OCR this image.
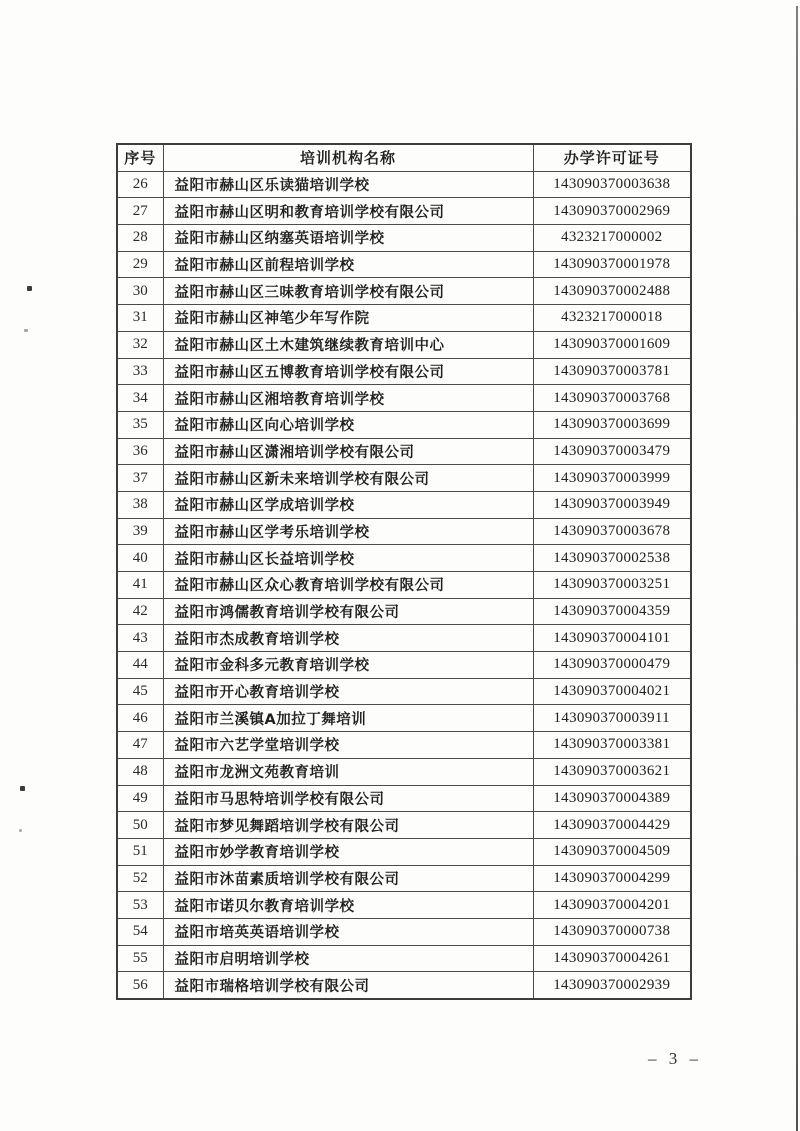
序号	培训机构名称	办学许可证号
26	益阳市赫山区乐读猫培训学校	143090370003638
27	益阳市赫山区明和教育培训学校有限公司	143090370002969
28	益阳市赫山区纳塞英语培训学校	4323217000002
29	益阳市赫山区前程培训学校	143090370001978
30	益阳市赫山区三味教育培训学校有限公司	143090370002488
31	益阳市赫山区神笔少年写作院	4323217000018
32	益阳市赫山区土木建筑继续教育培训中心	143090370001609
33	益阳市赫山区五博教育培训学校有限公司	143090370003781
34	益阳市赫山区湘培教育培训学校	143090370003768
35	益阳市赫山区向心培训学校	143090370003699
36	益阳市赫山区潇湘培训学校有限公司	143090370003479
37	益阳市赫山区新未来培训学校有限公司	143090370003999
38	益阳市赫山区学成培训学校	143090370003949
39	益阳市赫山区学考乐培训学校	143090370003678
40	益阳市赫山区长益培训学校	143090370002538
41	益阳市赫山区众心教育培训学校有限公司	143090370003251
42	益阳市鸿儒教育培训学校有限公司	143090370004359
43	益阳市杰成教育培训学校	143090370004101
44	益阳市金科多元教育培训学校	143090370000479
45	益阳市开心教育培训学校	143090370004021
46	益阳市兰溪镇A加拉丁舞培训	143090370003911
47	益阳市六艺学堂培训学校	143090370003381
48	益阳市龙洲文苑教育培训	143090370003621
49	益阳市马思特培训学校有限公司	143090370004389
50	益阳市梦见舞蹈培训学校有限公司	143090370004429
51	益阳市妙学教育培训学校	143090370004509
52	益阳市沐苗素质培训学校有限公司	143090370004299
53	益阳市诺贝尔教育培训学校	143090370004201
54	益阳市培英英语培训学校	143090370000738
55	益阳市启明培训学校	143090370004261
56	益阳市瑞格培训学校有限公司	143090370002939
– 3 –
